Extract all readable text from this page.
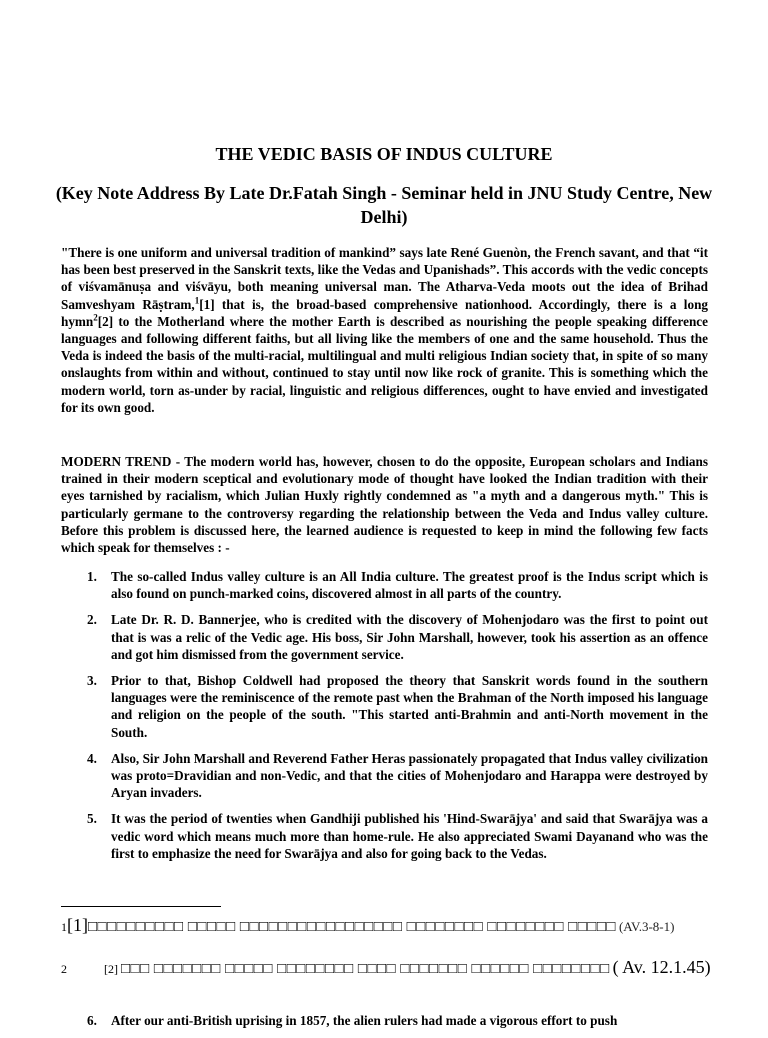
THE VEDIC BASIS OF INDUS CULTURE
(Key Note Address By Late Dr.Fatah Singh - Seminar held in JNU Study Centre, New Delhi)

"There is one uniform and universal tradition of mankind” says late René Guenòn, the French savant, and that “it has been best preserved in the Sanskrit texts, like the Vedas and Upanishads”. This accords with the vedic concepts of viśvamānuṣa and viśvāyu, both meaning universal man. The Atharva-Veda moots out the idea of Brihad Samveshyam Rāṣtram,$^1$[1] that is, the broad-based comprehensive nationhood. Accordingly, there is a long hymn$^2$[2] to the Motherland where the mother Earth is described as nourishing the people speaking difference languages and following different faiths, but all living like the members of one and the same household. Thus the Veda is indeed the basis of the multi-racial, multilingual and multi religious Indian society that, in spite of so many onslaughts from within and without, continued to stay until now like rock of granite. This is something which the modern world, torn as-under by racial, linguistic and religious differences, ought to have envied and investigated for its own good.

MODERN TREND - The modern world has, however, chosen to do the opposite, European scholars and Indians trained in their modern sceptical and evolutionary mode of thought have looked the Indian tradition with their eyes tarnished by racialism, which Julian Huxly rightly condemned as "a myth and a dangerous myth." This is particularly germane to the controversy regarding the relationship between the Veda and Indus valley culture. Before this problem is discussed here, the learned audience is requested to keep in mind the following few facts which speak for themselves : -

1. The so-called Indus valley culture is an All India culture. The greatest proof is the Indus script which is also found on punch-marked coins, discovered almost in all parts of the country.
2. Late Dr. R. D. Bannerjee, who is credited with the discovery of Mohenjodaro was the first to point out that is was a relic of the Vedic age. His boss, Sir John Marshall, however, took his assertion as an offence and got him dismissed from the government service.
3. Prior to that, Bishop Coldwell had proposed the theory that Sanskrit words found in the southern languages were the reminiscence of the remote past when the Brahman of the North imposed his language and religion on the people of the south. "This started anti-Brahmin and anti-North movement in the South.
4. Also, Sir John Marshall and Reverend Father Heras passionately propagated that Indus valley civilization was proto=Dravidian and non-Vedic, and that the cities of Mohenjodaro and Harappa were destroyed by Aryan invaders.
5. It was the period of twenties when Gandhiji published his 'Hind-Swarājya' and said that Swarājya was a vedic word which means much more than home-rule. He also appreciated Swami Dayanand who was the first to emphasize the need for Swarājya and also for going back to the Vedas.
1[1]□□□□□□□□□□ □□□□□ □□□□□□□□□□□□□□□□□ □□□□□□□□ □□□□□□□□ □□□□□ (AV.3-8-1)
2	[2] □□□ □□□□□□□ □□□□□ □□□□□□□□ □□□□ □□□□□□□ □□□□□□ □□□□□□□□ ( Av. 12.1.45)
6. After our anti-British uprising in 1857, the alien rulers had made a vigorous effort to push
